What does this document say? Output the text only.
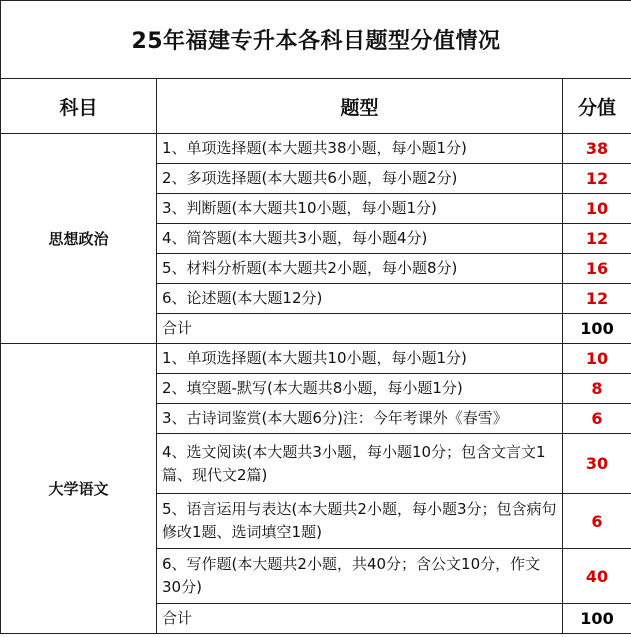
25年福建专升本各科目题型分值情况		
科目	题型	分值
思想政治	1、单项选择题(本大题共38小题，每小题1分)	38
	2、多项选择题(本大题共6小题，每小题2分)	12
	3、判断题(本大题共10小题，每小题1分)	10
	4、简答题(本大题共3小题，每小题4分)	12
	5、材料分析题(本大题共2小题，每小题8分)	16
	6、论述题(本大题12分)	12
	合计	100
大学语文	1、单项选择题(本大题共10小题，每小题1分)	10
	2、填空题-默写(本大题共8小题，每小题1分)	8
	3、古诗词鉴赏(本大题6分)注：今年考课外《春雪》	6
	4、选文阅读(本大题共3小题，每小题10分；包含文言文1篇、现代文2篇)	30
	5、语言运用与表达(本大题共2小题，每小题3分；包含病句修改1题、选词填空1题)	6
	6、写作题(本大题共2小题，共40分；含公文10分，作文30分)	40
	合计	100
